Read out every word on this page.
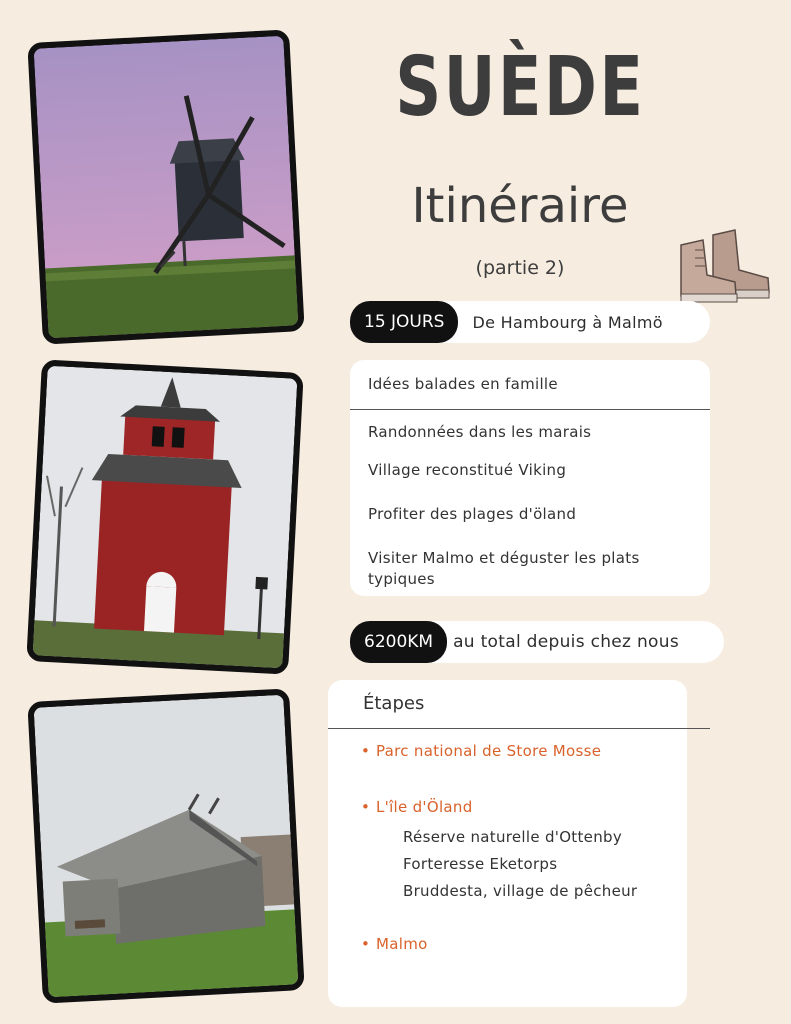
SUÈDE
Itinéraire
(partie 2)
15 JOURS	De Hambourg à Malmö
Idées balades en famille
Randonnées dans les marais
Village reconstitué Viking
Profiter des plages d'öland
Visiter Malmo et déguster les plats typiques
6200KM	au total depuis chez nous
Étapes
• Parc national de Store Mosse
• L'île d'Öland
Réserve naturelle d'Ottenby
Forteresse Eketorps
Bruddesta, village de pêcheur
• Malmo
